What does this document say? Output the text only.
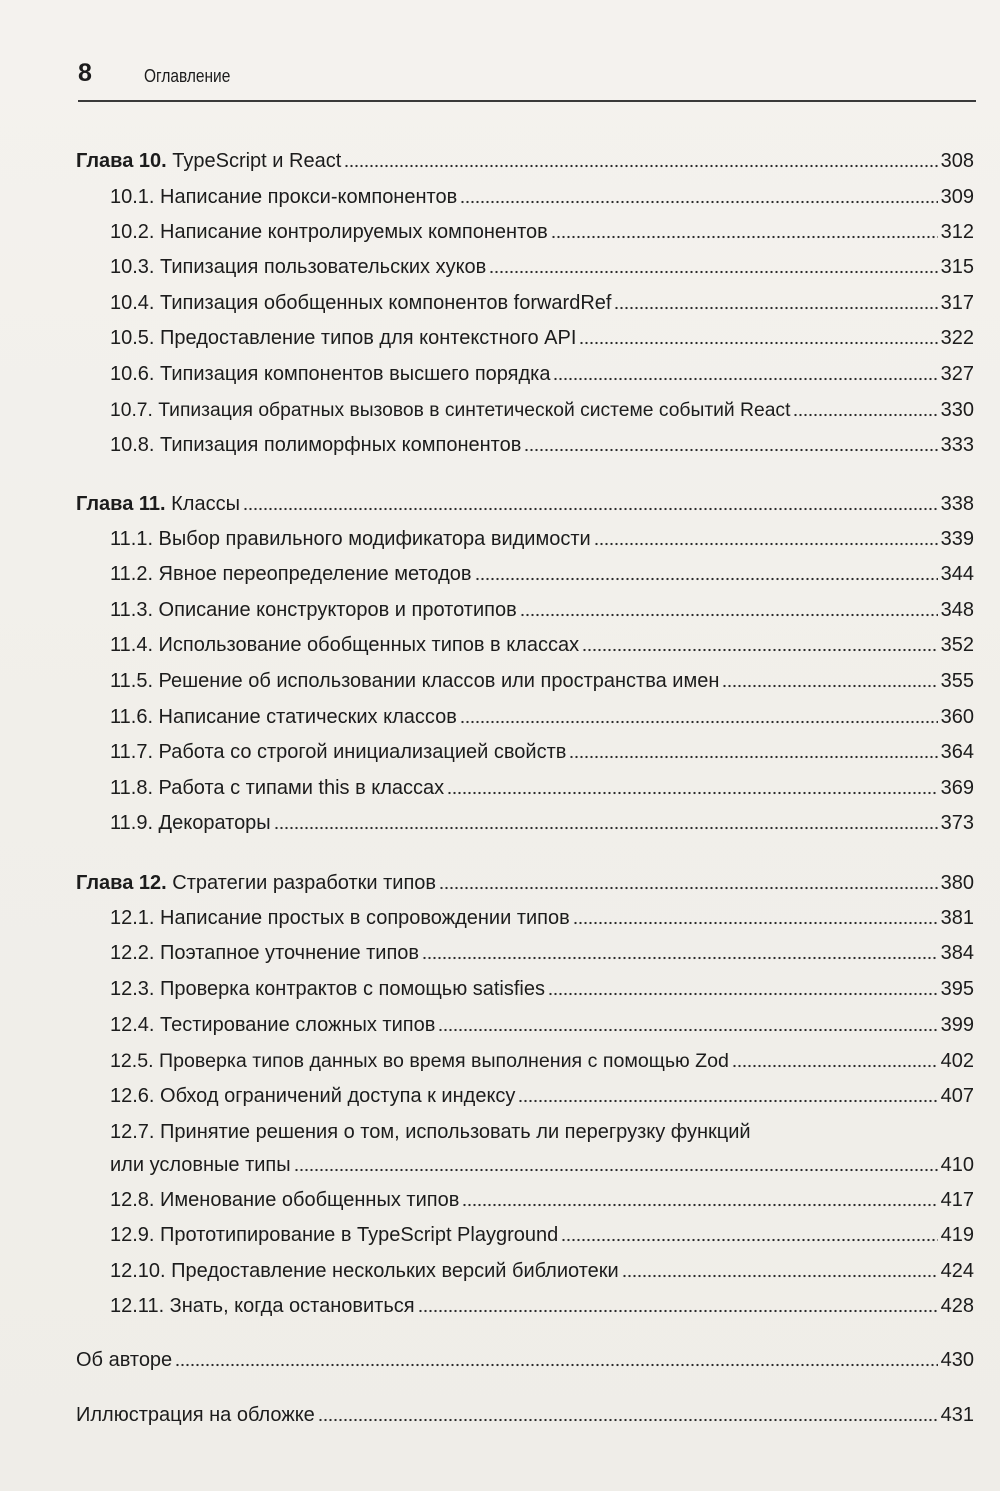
8	Оглавление
Глава 10. TypeScript и React	308
10.1. Написание прокси-компонентов	309
10.2. Написание контролируемых компонентов	312
10.3. Типизация пользовательских хуков	315
10.4. Типизация обобщенных компонентов forwardRef	317
10.5. Предоставление типов для контекстного API	322
10.6. Типизация компонентов высшего порядка	327
10.7. Типизация обратных вызовов в синтетической системе событий React	330
10.8. Типизация полиморфных компонентов	333
Глава 11. Классы	338
11.1. Выбор правильного модификатора видимости	339
11.2. Явное переопределение методов	344
11.3. Описание конструкторов и прототипов	348
11.4. Использование обобщенных типов в классах	352
11.5. Решение об использовании классов или пространства имен	355
11.6. Написание статических классов	360
11.7. Работа со строгой инициализацией свойств	364
11.8. Работа с типами this в классах	369
11.9. Декораторы	373
Глава 12. Стратегии разработки типов	380
12.1. Написание простых в сопровождении типов	381
12.2. Поэтапное уточнение типов	384
12.3. Проверка контрактов с помощью satisfies	395
12.4. Тестирование сложных типов	399
12.5. Проверка типов данных во время выполнения с помощью Zod	402
12.6. Обход ограничений доступа к индексу	407
12.7. Принятие решения о том, использовать ли перегрузку функций
или условные типы	410
12.8. Именование обобщенных типов	417
12.9. Прототипирование в TypeScript Playground	419
12.10. Предоставление нескольких версий библиотеки	424
12.11. Знать, когда остановиться	428
Об авторе	430
Иллюстрация на обложке	431
